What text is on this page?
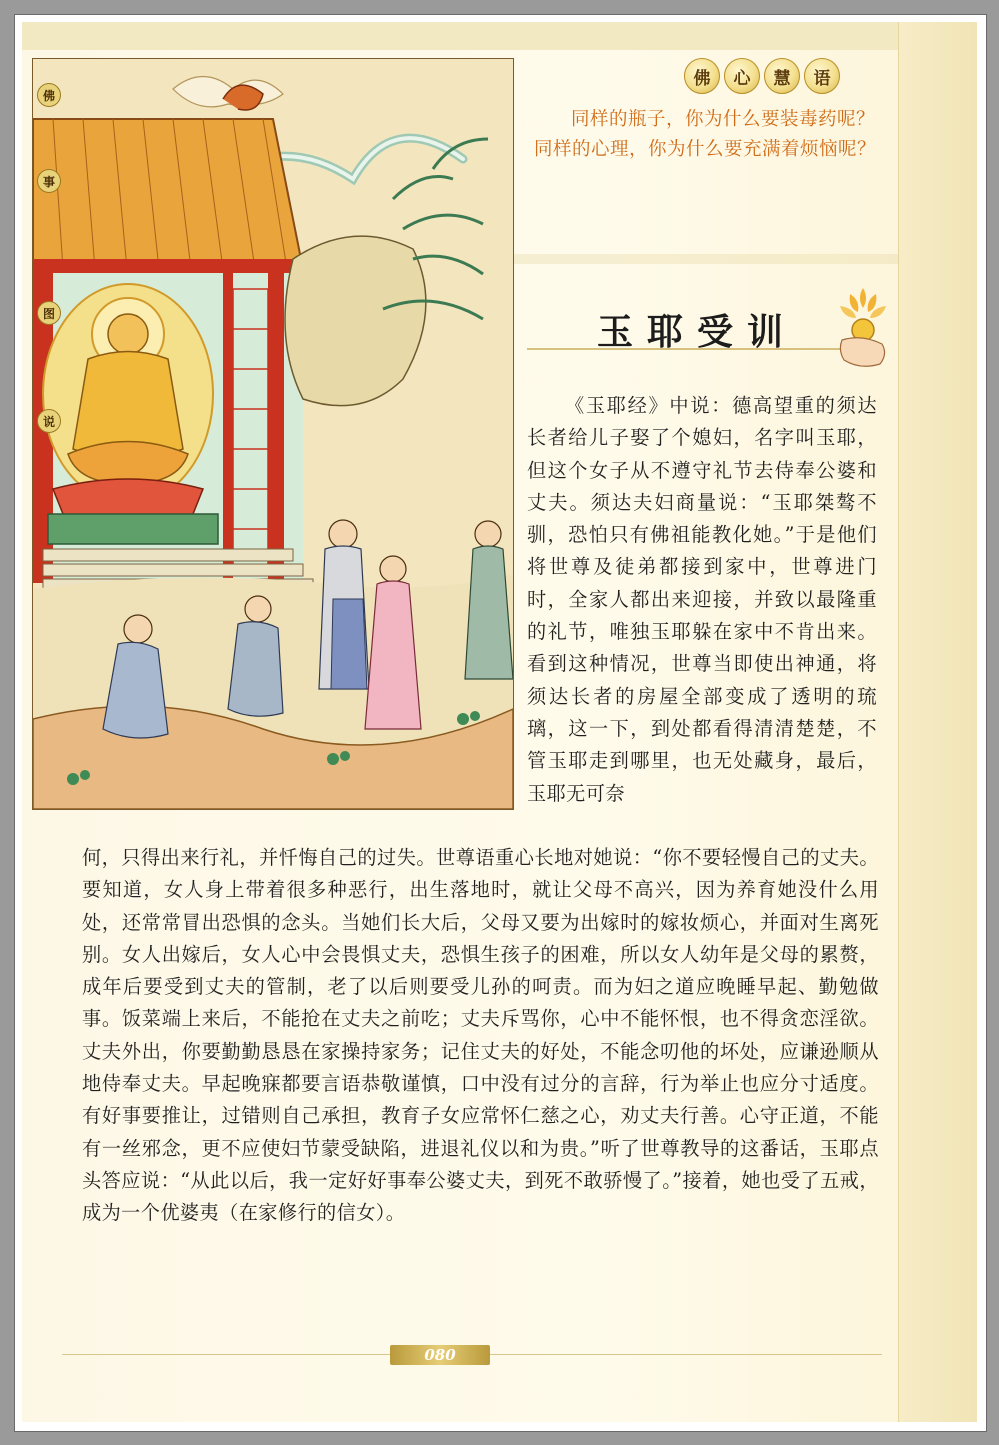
佛	心	慧	语

同样的瓶子，你为什么要装毒药呢？同样的心理，你为什么要充满着烦恼呢？

佛
事
图
说
玉耶受训

《玉耶经》中说：德高望重的须达长者给儿子娶了个媳妇，名字叫玉耶，但这个女子从不遵守礼节去侍奉公婆和丈夫。须达夫妇商量说：“玉耶桀骜不驯，恐怕只有佛祖能教化她。”于是他们将世尊及徒弟都接到家中，世尊进门时，全家人都出来迎接，并致以最隆重的礼节，唯独玉耶躲在家中不肯出来。看到这种情况，世尊当即使出神通，将须达长者的房屋全部变成了透明的琉璃，这一下，到处都看得清清楚楚，不管玉耶走到哪里，也无处藏身，最后，玉耶无可奈

何，只得出来行礼，并忏悔自己的过失。世尊语重心长地对她说：“你不要轻慢自己的丈夫。要知道，女人身上带着很多种恶行，出生落地时，就让父母不高兴，因为养育她没什么用处，还常常冒出恐惧的念头。当她们长大后，父母又要为出嫁时的嫁妆烦心，并面对生离死别。女人出嫁后，女人心中会畏惧丈夫，恐惧生孩子的困难，所以女人幼年是父母的累赘，成年后要受到丈夫的管制，老了以后则要受儿孙的呵责。而为妇之道应晚睡早起、勤勉做事。饭菜端上来后，不能抢在丈夫之前吃；丈夫斥骂你，心中不能怀恨，也不得贪恋淫欲。丈夫外出，你要勤勤恳恳在家操持家务；记住丈夫的好处，不能念叨他的坏处，应谦逊顺从地侍奉丈夫。早起晚寐都要言语恭敬谨慎，口中没有过分的言辞，行为举止也应分寸适度。有好事要推让，过错则自己承担，教育子女应常怀仁慈之心，劝丈夫行善。心守正道，不能有一丝邪念，更不应使妇节蒙受缺陷，进退礼仪以和为贵。”听了世尊教导的这番话，玉耶点头答应说：“从此以后，我一定好好事奉公婆丈夫，到死不敢骄慢了。”接着，她也受了五戒，成为一个优婆夷（在家修行的信女）。

080
